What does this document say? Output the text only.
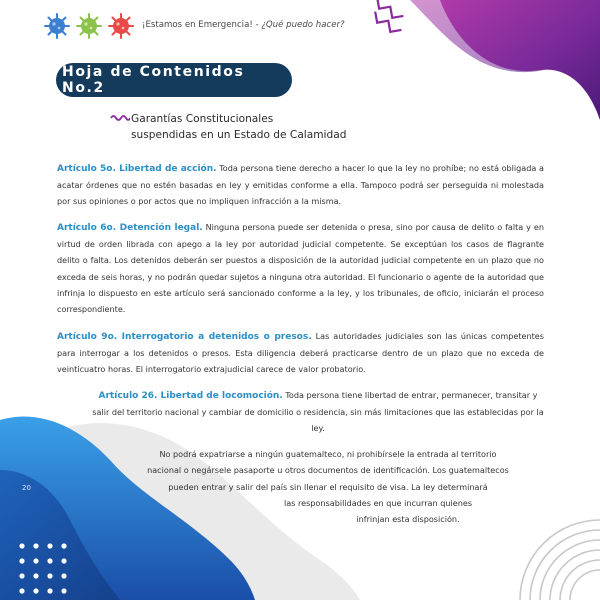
¡Estamos en Emergencia! - ¿Qué puedo hacer?
Hoja de Contenidos No.2
Garantías Constitucionales
suspendidas en un Estado de Calamidad
Artículo 5o. Libertad de acción. Toda persona tiene derecho a hacer lo que la ley no prohíbe; no está obligada a acatar órdenes que no estén basadas en ley y emitidas conforme a ella. Tampoco podrá ser perseguida ni molestada por sus opiniones o por actos que no impliquen infracción a la misma.
Artículo 6o. Detención legal. Ninguna persona puede ser detenida o presa, sino por causa de delito o falta y en virtud de orden librada con apego a la ley por autoridad judicial competente. Se exceptúan los casos de flagrante delito o falta. Los detenidos deberán ser puestos a disposición de la autoridad judicial competente en un plazo que no exceda de seis horas, y no podrán quedar sujetos a ninguna otra autoridad. El funcionario o agente de la autoridad que infrinja lo dispuesto en este artículo será sancionado conforme a la ley, y los tribunales, de oficio, iniciarán el proceso correspondiente.
Artículo 9o. Interrogatorio a detenidos o presos. Las autoridades judiciales son las únicas competentes para interrogar a los detenidos o presos. Esta diligencia deberá practicarse dentro de un plazo que no exceda de veinticuatro horas. El interrogatorio extrajudicial carece de valor probatorio.
Artículo 26. Libertad de locomoción. Toda persona tiene libertad de entrar, permanecer, transitar y salir del territorio nacional y cambiar de domicilio o residencia, sin más limitaciones que las establecidas por la ley.
No podrá expatriarse a ningún guatemalteco, ni prohibírsele la entrada al territorio
nacional o negársele pasaporte u otros documentos de identificación. Los guatemaltecos
pueden entrar y salir del país sin llenar el requisito de visa. La ley determinará
las responsabilidades en que incurran quienes
infrinjan esta disposición.
20
